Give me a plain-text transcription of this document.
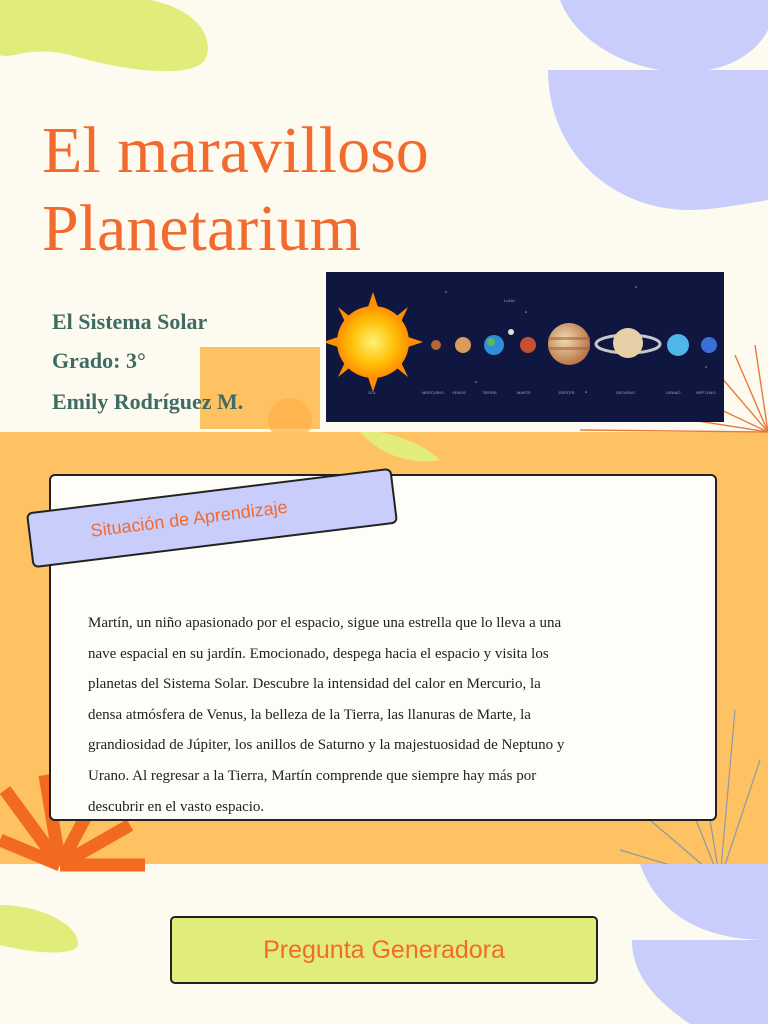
El maravilloso
Planetarium
El Sistema Solar
Grado: 3°
Emily Rodríguez M.	SOL	MERCURIO VENUS
LUNA
TIERRA	MARTE	JÚPITER	SATURNO	URANO	NEPTUNO
Situación de Aprendizaje
Martín, un niño apasionado por el espacio, sigue una estrella que lo lleva a una
nave espacial en su jardín. Emocionado, despega hacia el espacio y visita los
planetas del Sistema Solar. Descubre la intensidad del calor en Mercurio, la
densa atmósfera de Venus, la belleza de la Tierra, las llanuras de Marte, la
grandiosidad de Júpiter, los anillos de Saturno y la majestuosidad de Neptuno y
Urano. Al regresar a la Tierra, Martín comprende que siempre hay más por
descubrir en el vasto espacio.
Pregunta Generadora
